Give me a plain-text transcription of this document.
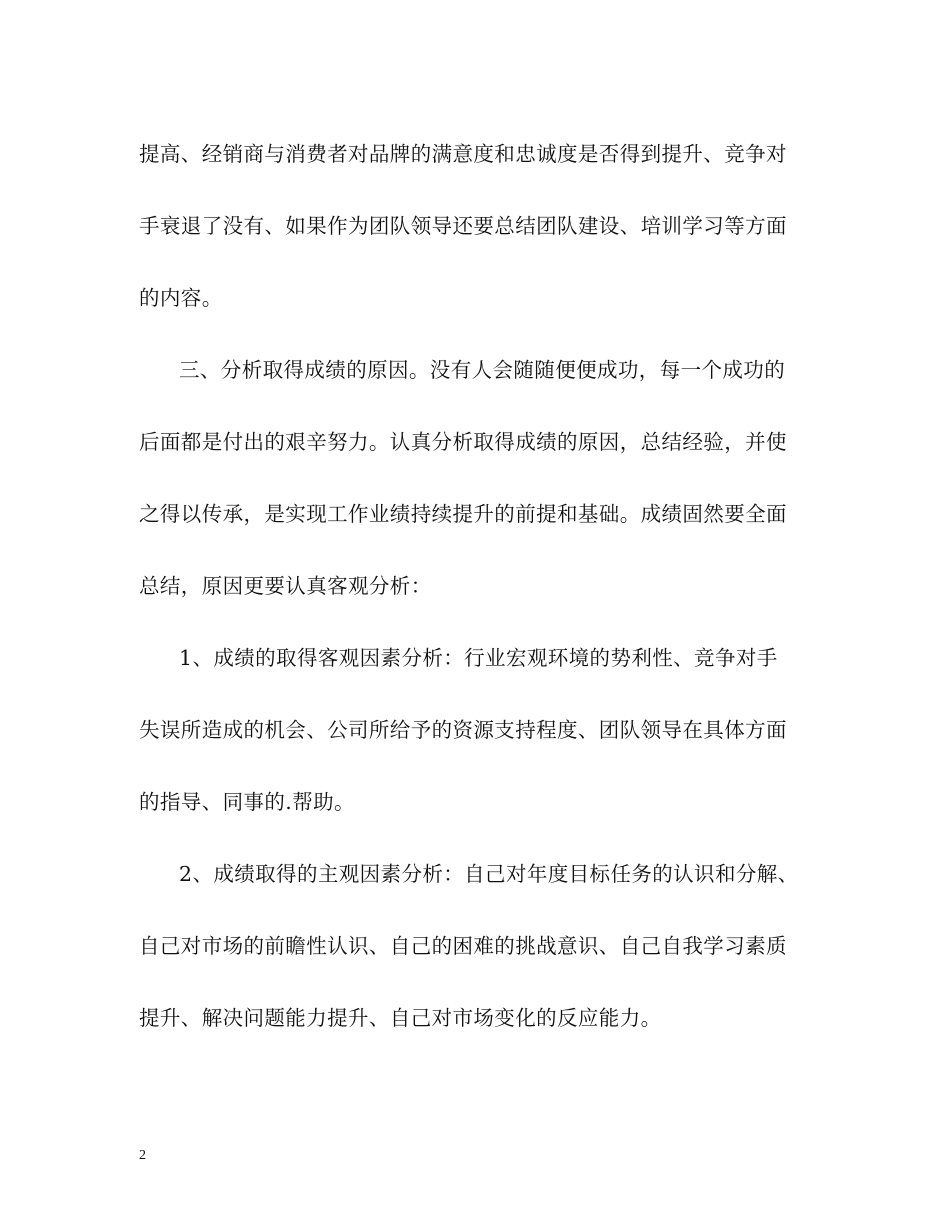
提高、经销商与消费者对品牌的满意度和忠诚度是否得到提升、竞争对
手衰退了没有、如果作为团队领导还要总结团队建设、培训学习等方面
的内容。
三、分析取得成绩的原因。没有人会随随便便成功，每一个成功的
后面都是付出的艰辛努力。认真分析取得成绩的原因，总结经验，并使
之得以传承，是实现工作业绩持续提升的前提和基础。成绩固然要全面
总结，原因更要认真客观分析：
1、成绩的取得客观因素分析：行业宏观环境的势利性、竞争对手
失误所造成的机会、公司所给予的资源支持程度、团队领导在具体方面
的指导、同事的.帮助。
2、成绩取得的主观因素分析：自己对年度目标任务的认识和分解、
自己对市场的前瞻性认识、自己的困难的挑战意识、自己自我学习素质
提升、解决问题能力提升、自己对市场变化的反应能力。
2
